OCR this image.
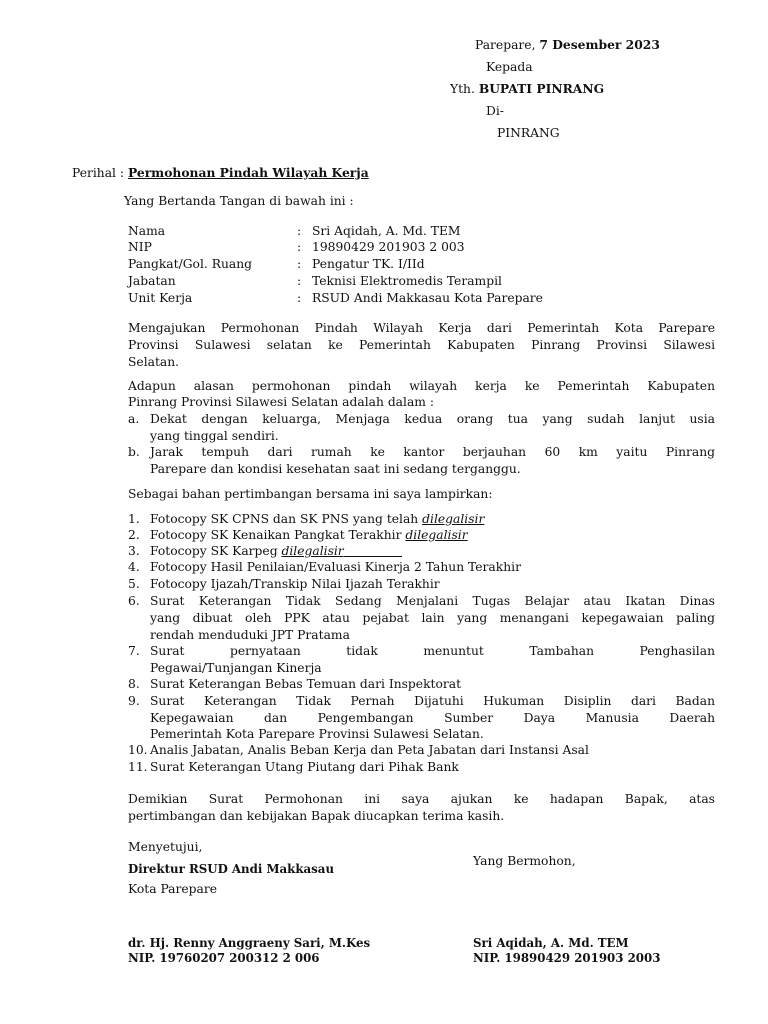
Parepare, 7 Desember 2023
Kepada
Yth. BUPATI PINRANG
Di-
PINRANG
Perihal : Permohonan Pindah Wilayah Kerja
Yang Bertanda Tangan di bawah ini :
Nama	: Sri Aqidah, A. Md. TEM
NIP	: 19890429 201903 2 003
Pangkat/Gol. Ruang	: Pengatur TK. I/IId
Jabatan	: Teknisi Elektromedis Terampil
Unit Kerja	: RSUD Andi Makkasau Kota Parepare
Mengajukan Permohonan Pindah Wilayah Kerja dari Pemerintah Kota Parepare
Provinsi Sulawesi selatan ke Pemerintah Kabupaten Pinrang Provinsi Silawesi
Selatan.
Adapun alasan permohonan pindah wilayah kerja ke Pemerintah Kabupaten
Pinrang Provinsi Silawesi Selatan adalah dalam :
a. Dekat dengan keluarga, Menjaga kedua orang tua yang sudah lanjut usia
yang tinggal sendiri.
b. Jarak tempuh dari rumah ke kantor berjauhan 60 km yaitu Pinrang
Parepare dan kondisi kesehatan saat ini sedang terganggu.
Sebagai bahan pertimbangan bersama ini saya lampirkan:
1. Fotocopy SK CPNS dan SK PNS yang telah dilegalisir
2. Fotocopy SK Kenaikan Pangkat Terakhir dilegalisir
3. Fotocopy SK Karpeg dilegalisir
4. Fotocopy Hasil Penilaian/Evaluasi Kinerja 2 Tahun Terakhir
5. Fotocopy Ijazah/Transkip Nilai Ijazah Terakhir
6. Surat Keterangan Tidak Sedang Menjalani Tugas Belajar atau Ikatan Dinas
yang dibuat oleh PPK atau pejabat lain yang menangani kepegawaian paling
rendah menduduki JPT Pratama
7. Surat pernyataan tidak menuntut Tambahan Penghasilan
Pegawai/Tunjangan Kinerja
8. Surat Keterangan Bebas Temuan dari Inspektorat
9. Surat Keterangan Tidak Pernah Dijatuhi Hukuman Disiplin dari Badan
Kepegawaian dan Pengembangan Sumber Daya Manusia Daerah
Pemerintah Kota Parepare Provinsi Sulawesi Selatan.
10. Analis Jabatan, Analis Beban Kerja dan Peta Jabatan dari Instansi Asal
11. Surat Keterangan Utang Piutang dari Pihak Bank
Demikian Surat Permohonan ini saya ajukan ke hadapan Bapak, atas
pertimbangan dan kebijakan Bapak diucapkan terima kasih.
Menyetujui,
Direktur RSUD Andi Makkasau
Kota Parepare
dr. Hj. Renny Anggraeny Sari, M.Kes
NIP. 19760207 200312 2 006
Yang Bermohon,
Sri Aqidah, A. Md. TEM
NIP. 19890429 201903 2003
